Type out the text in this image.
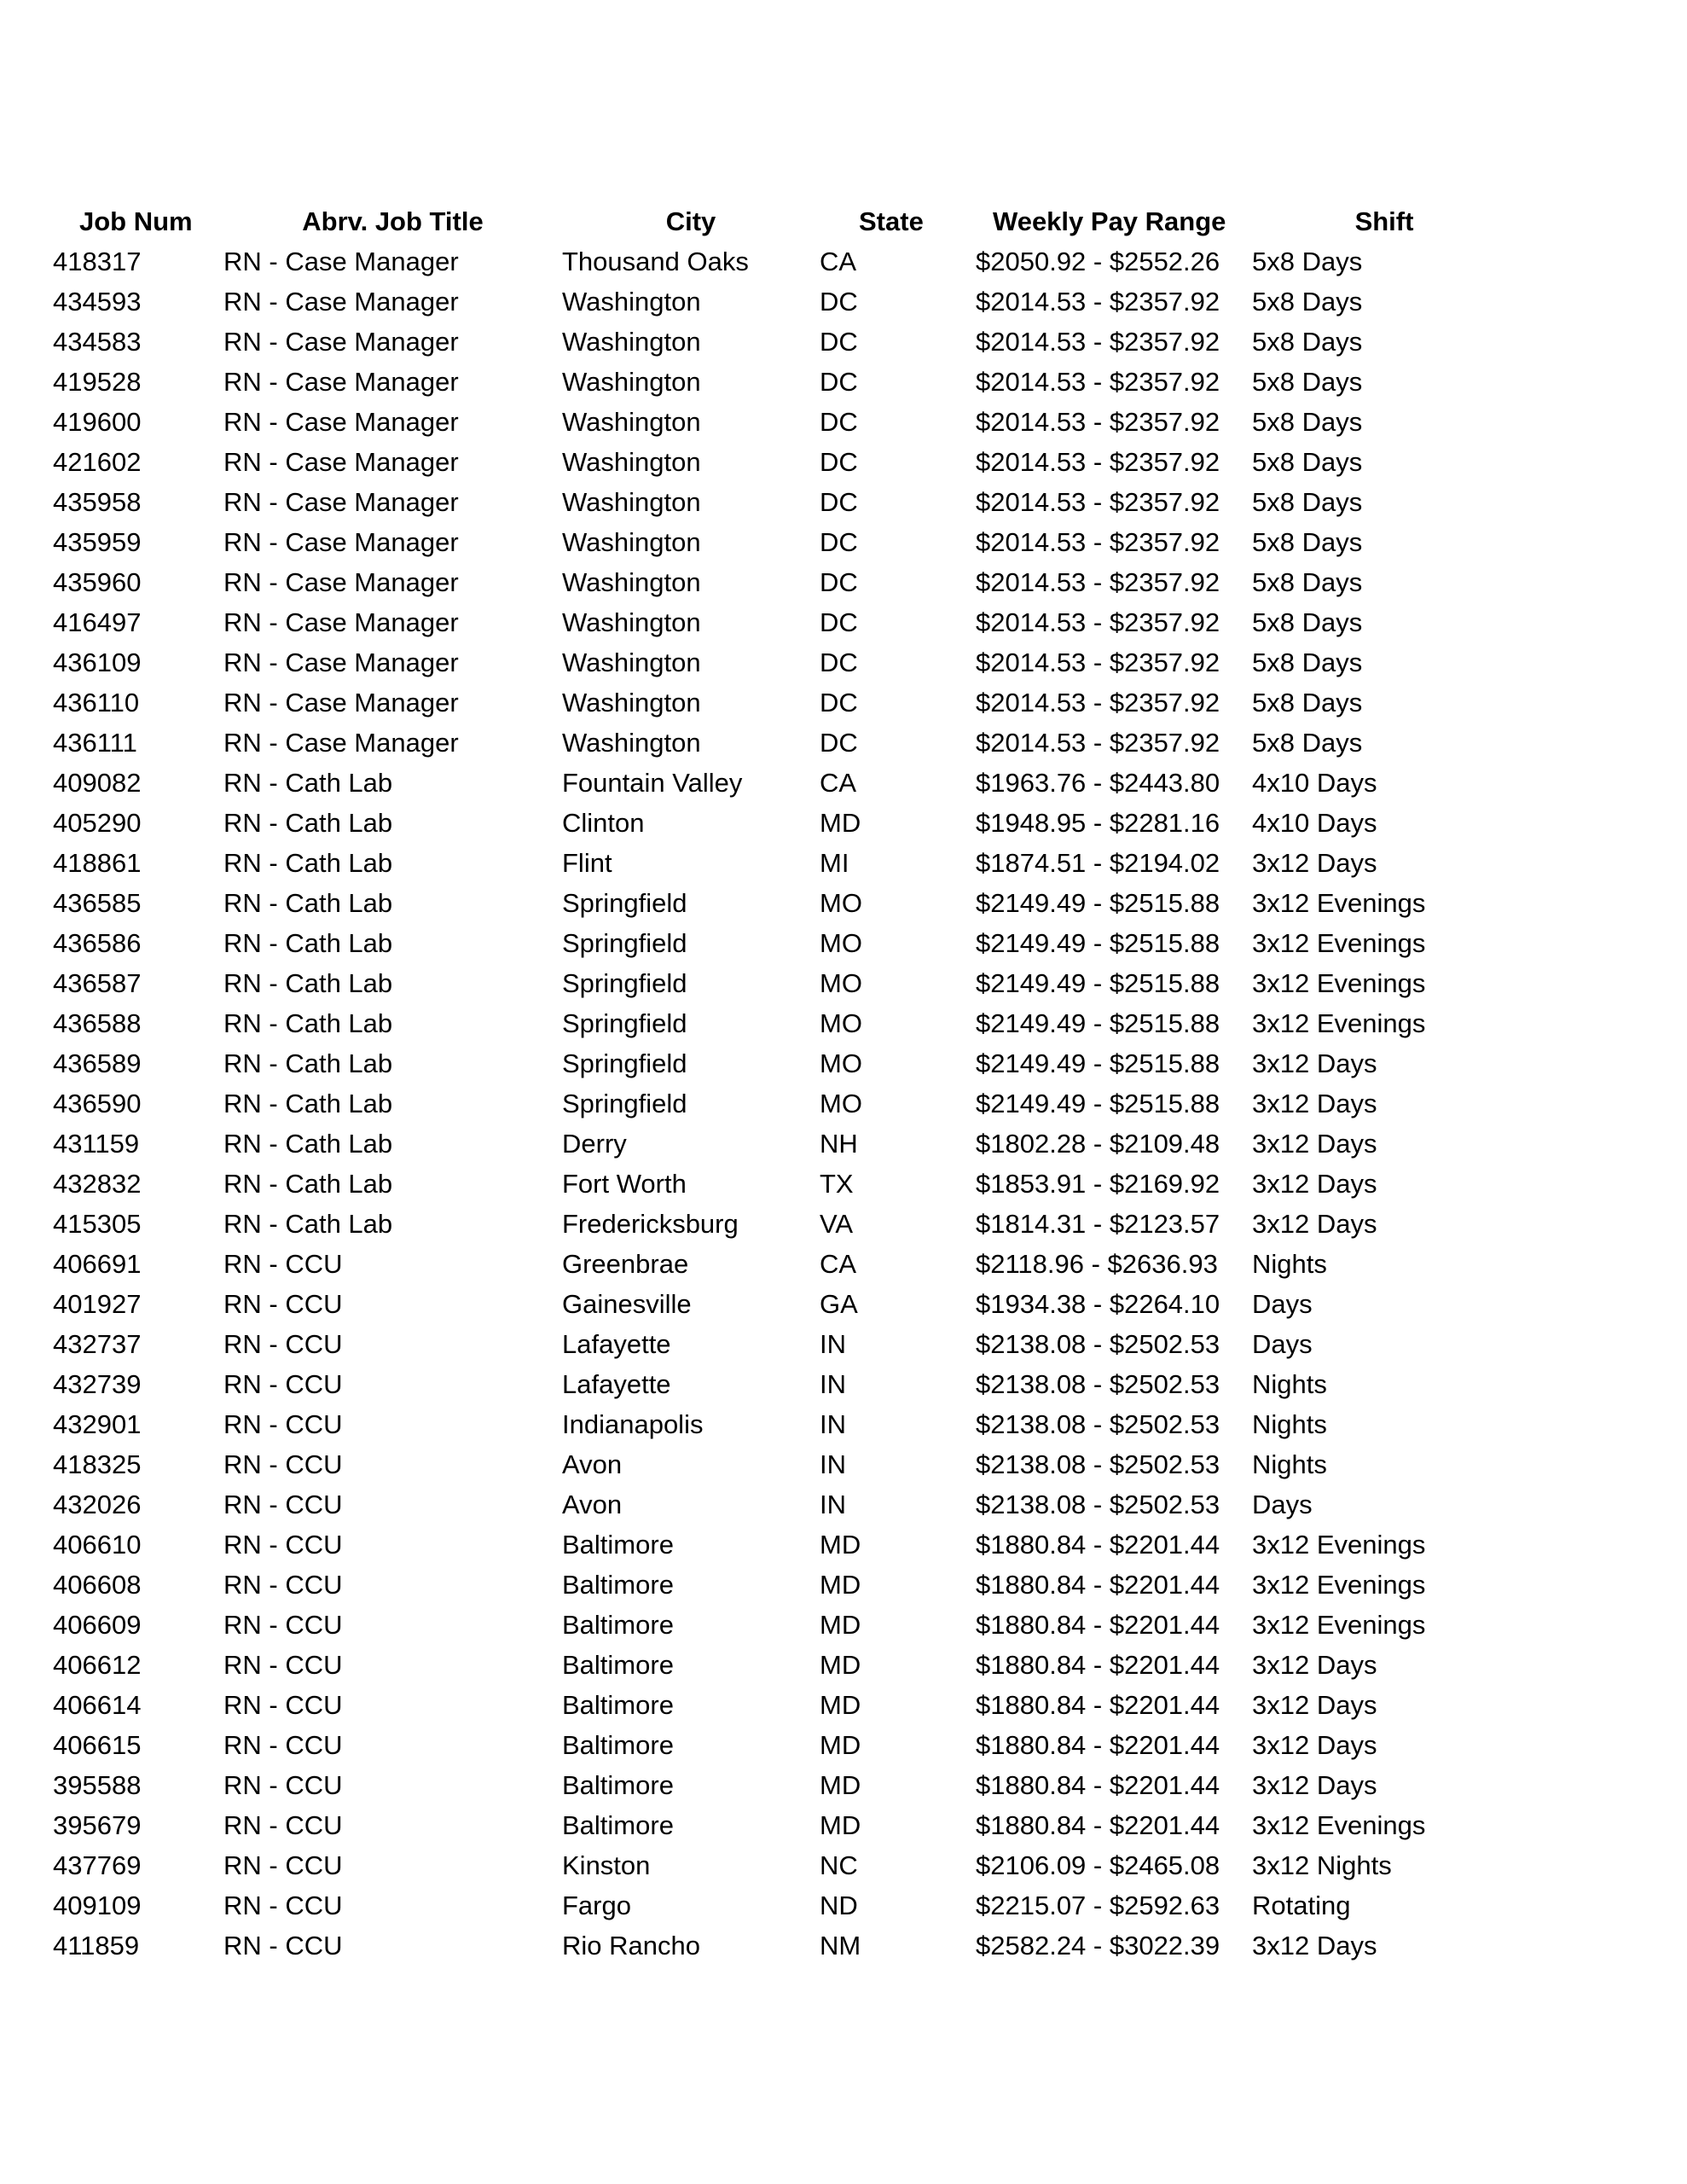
Job Num	Abrv. Job Title	City	State	Weekly Pay Range	Shift
418317	RN - Case Manager	Thousand Oaks	CA	$2050.92 - $2552.26	5x8 Days
434593	RN - Case Manager	Washington	DC	$2014.53 - $2357.92	5x8 Days
434583	RN - Case Manager	Washington	DC	$2014.53 - $2357.92	5x8 Days
419528	RN - Case Manager	Washington	DC	$2014.53 - $2357.92	5x8 Days
419600	RN - Case Manager	Washington	DC	$2014.53 - $2357.92	5x8 Days
421602	RN - Case Manager	Washington	DC	$2014.53 - $2357.92	5x8 Days
435958	RN - Case Manager	Washington	DC	$2014.53 - $2357.92	5x8 Days
435959	RN - Case Manager	Washington	DC	$2014.53 - $2357.92	5x8 Days
435960	RN - Case Manager	Washington	DC	$2014.53 - $2357.92	5x8 Days
416497	RN - Case Manager	Washington	DC	$2014.53 - $2357.92	5x8 Days
436109	RN - Case Manager	Washington	DC	$2014.53 - $2357.92	5x8 Days
436110	RN - Case Manager	Washington	DC	$2014.53 - $2357.92	5x8 Days
436111	RN - Case Manager	Washington	DC	$2014.53 - $2357.92	5x8 Days
409082	RN - Cath Lab	Fountain Valley	CA	$1963.76 - $2443.80	4x10 Days
405290	RN - Cath Lab	Clinton	MD	$1948.95 - $2281.16	4x10 Days
418861	RN - Cath Lab	Flint	MI	$1874.51 - $2194.02	3x12 Days
436585	RN - Cath Lab	Springfield	MO	$2149.49 - $2515.88	3x12 Evenings
436586	RN - Cath Lab	Springfield	MO	$2149.49 - $2515.88	3x12 Evenings
436587	RN - Cath Lab	Springfield	MO	$2149.49 - $2515.88	3x12 Evenings
436588	RN - Cath Lab	Springfield	MO	$2149.49 - $2515.88	3x12 Evenings
436589	RN - Cath Lab	Springfield	MO	$2149.49 - $2515.88	3x12 Days
436590	RN - Cath Lab	Springfield	MO	$2149.49 - $2515.88	3x12 Days
431159	RN - Cath Lab	Derry	NH	$1802.28 - $2109.48	3x12 Days
432832	RN - Cath Lab	Fort Worth	TX	$1853.91 - $2169.92	3x12 Days
415305	RN - Cath Lab	Fredericksburg	VA	$1814.31 - $2123.57	3x12 Days
406691	RN - CCU	Greenbrae	CA	$2118.96 - $2636.93	Nights
401927	RN - CCU	Gainesville	GA	$1934.38 - $2264.10	Days
432737	RN - CCU	Lafayette	IN	$2138.08 - $2502.53	Days
432739	RN - CCU	Lafayette	IN	$2138.08 - $2502.53	Nights
432901	RN - CCU	Indianapolis	IN	$2138.08 - $2502.53	Nights
418325	RN - CCU	Avon	IN	$2138.08 - $2502.53	Nights
432026	RN - CCU	Avon	IN	$2138.08 - $2502.53	Days
406610	RN - CCU	Baltimore	MD	$1880.84 - $2201.44	3x12 Evenings
406608	RN - CCU	Baltimore	MD	$1880.84 - $2201.44	3x12 Evenings
406609	RN - CCU	Baltimore	MD	$1880.84 - $2201.44	3x12 Evenings
406612	RN - CCU	Baltimore	MD	$1880.84 - $2201.44	3x12 Days
406614	RN - CCU	Baltimore	MD	$1880.84 - $2201.44	3x12 Days
406615	RN - CCU	Baltimore	MD	$1880.84 - $2201.44	3x12 Days
395588	RN - CCU	Baltimore	MD	$1880.84 - $2201.44	3x12 Days
395679	RN - CCU	Baltimore	MD	$1880.84 - $2201.44	3x12 Evenings
437769	RN - CCU	Kinston	NC	$2106.09 - $2465.08	3x12 Nights
409109	RN - CCU	Fargo	ND	$2215.07 - $2592.63	Rotating
411859	RN - CCU	Rio Rancho	NM	$2582.24 - $3022.39	3x12 Days
